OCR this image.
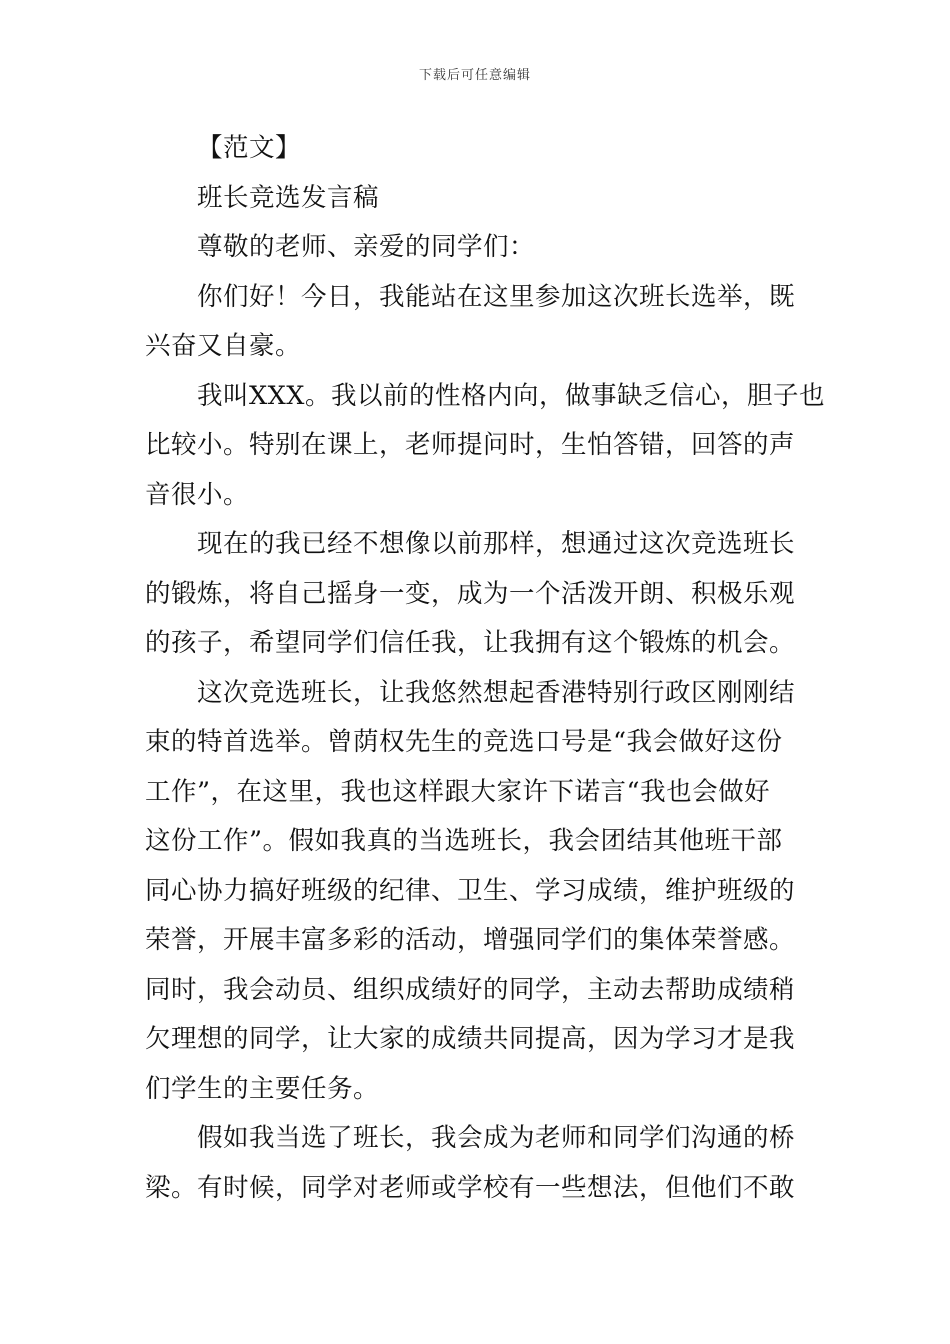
下载后可任意编辑
【范文】
班长竞选发言稿
尊敬的老师、亲爱的同学们：
你们好！今日，我能站在这里参加这次班长选举，既
兴奋又自豪。
我叫XXX。我以前的性格内向，做事缺乏信心，胆子也
比较小。特别在课上，老师提问时，生怕答错，回答的声
音很小。
现在的我已经不想像以前那样，想通过这次竞选班长
的锻炼，将自己摇身一变，成为一个活泼开朗、积极乐观
的孩子，希望同学们信任我，让我拥有这个锻炼的机会。
这次竞选班长，让我悠然想起香港特别行政区刚刚结
束的特首选举。曾荫权先生的竞选口号是“我会做好这份
工作”，在这里，我也这样跟大家许下诺言“我也会做好
这份工作”。假如我真的当选班长，我会团结其他班干部
同心协力搞好班级的纪律、卫生、学习成绩，维护班级的
荣誉，开展丰富多彩的活动，增强同学们的集体荣誉感。
同时，我会动员、组织成绩好的同学，主动去帮助成绩稍
欠理想的同学，让大家的成绩共同提高，因为学习才是我
们学生的主要任务。
假如我当选了班长，我会成为老师和同学们沟通的桥
梁。有时候，同学对老师或学校有一些想法，但他们不敢
